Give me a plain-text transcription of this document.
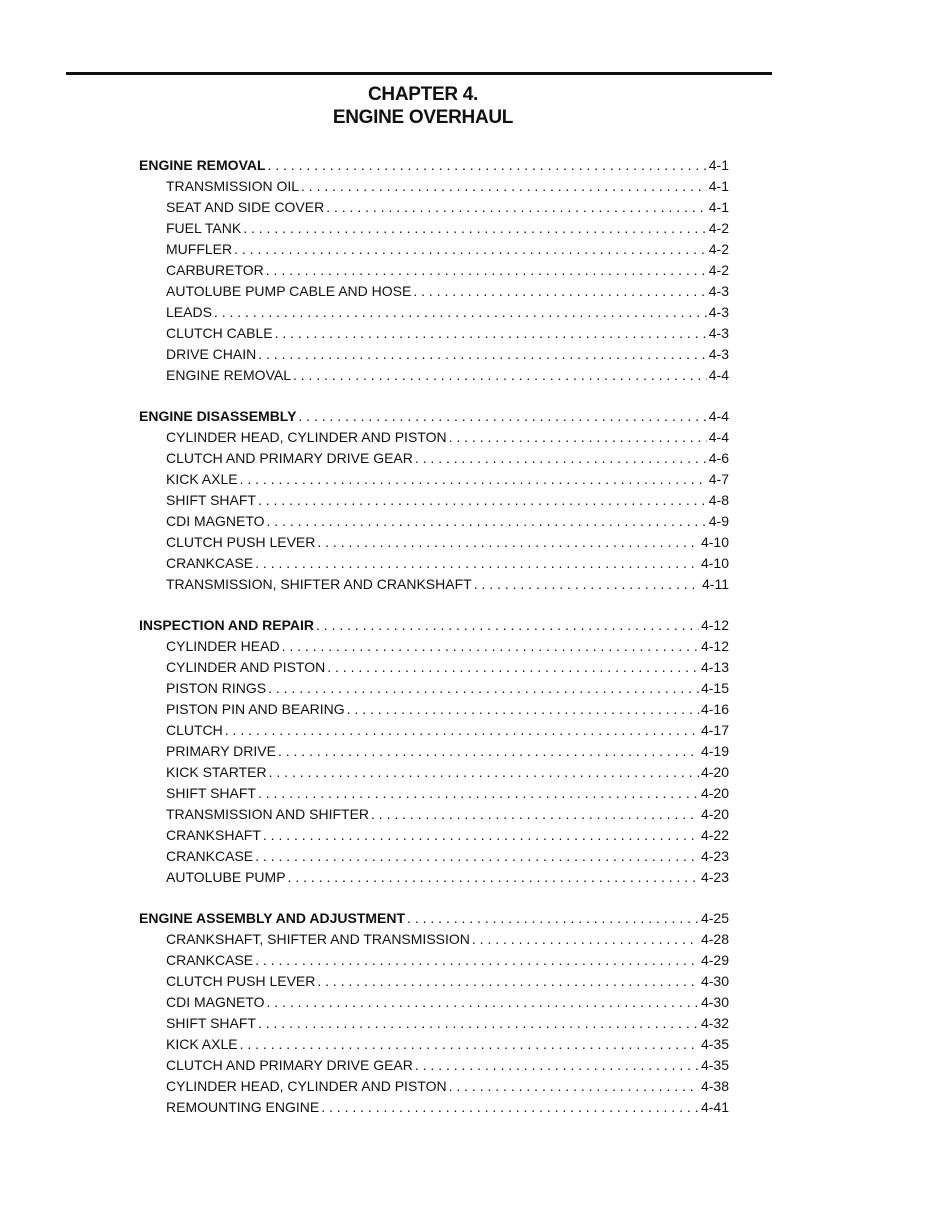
CHAPTER 4.
ENGINE OVERHAUL
ENGINE REMOVAL . . .	4-1
TRANSMISSION OIL . . .	4-1
SEAT AND SIDE COVER . . .	4-1
FUEL TANK . . .	4-2
MUFFLER . . .	4-2
CARBURETOR . . .	4-2
AUTOLUBE PUMP CABLE AND HOSE . . .	4-3
LEADS . . .	4-3
CLUTCH CABLE . . .	4-3
DRIVE CHAIN . . .	4-3
ENGINE REMOVAL . . .	4-4
ENGINE DISASSEMBLY . . .	4-4
CYLINDER HEAD, CYLINDER AND PISTON . . .	4-4
CLUTCH AND PRIMARY DRIVE GEAR . . .	4-6
KICK AXLE . . .	4-7
SHIFT SHAFT . . .	4-8
CDI MAGNETO . . .	4-9
CLUTCH PUSH LEVER . . .	4-10
CRANKCASE . . .	4-10
TRANSMISSION, SHIFTER AND CRANKSHAFT . . .	4-11
INSPECTION AND REPAIR . . .	4-12
CYLINDER HEAD . . .	4-12
CYLINDER AND PISTON . . .	4-13
PISTON RINGS . . .	4-15
PISTON PIN AND BEARING . . .	4-16
CLUTCH . . .	4-17
PRIMARY DRIVE . . .	4-19
KICK STARTER . . .	4-20
SHIFT SHAFT . . .	4-20
TRANSMISSION AND SHIFTER . . .	4-20
CRANKSHAFT . . .	4-22
CRANKCASE . . .	4-23
AUTOLUBE PUMP . . .	4-23
ENGINE ASSEMBLY AND ADJUSTMENT . . .	4-25
CRANKSHAFT, SHIFTER AND TRANSMISSION . . .	4-28
CRANKCASE . . .	4-29
CLUTCH PUSH LEVER . . .	4-30
CDI MAGNETO . . .	4-30
SHIFT SHAFT . . .	4-32
KICK AXLE . . .	4-35
CLUTCH AND PRIMARY DRIVE GEAR . . .	4-35
CYLINDER HEAD, CYLINDER AND PISTON . . .	4-38
REMOUNTING ENGINE . . .	4-41
